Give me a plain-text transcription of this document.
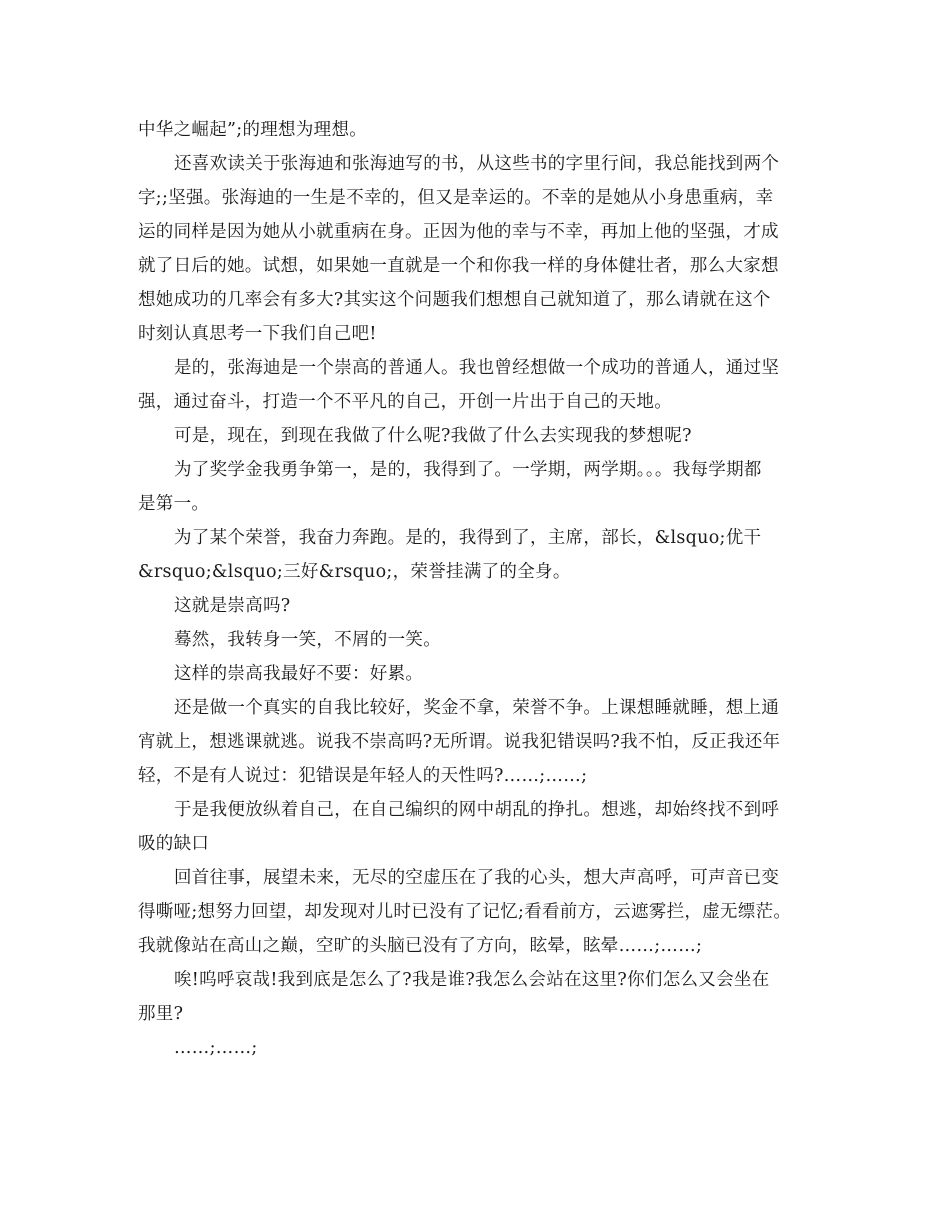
中华之崛起”;的理想为理想。
还喜欢读关于张海迪和张海迪写的书，从这些书的字里行间，我总能找到两个
字;;坚强。张海迪的一生是不幸的，但又是幸运的。不幸的是她从小身患重病，幸
运的同样是因为她从小就重病在身。正因为他的幸与不幸，再加上他的坚强，才成
就了日后的她。试想，如果她一直就是一个和你我一样的身体健壮者，那么大家想
想她成功的几率会有多大?其实这个问题我们想想自己就知道了，那么请就在这个
时刻认真思考一下我们自己吧!
是的，张海迪是一个崇高的普通人。我也曾经想做一个成功的普通人，通过坚
强，通过奋斗，打造一个不平凡的自己，开创一片出于自己的天地。
可是，现在，到现在我做了什么呢?我做了什么去实现我的梦想呢?
为了奖学金我勇争第一，是的，我得到了。一学期，两学期。。。我每学期都
是第一。
为了某个荣誉，我奋力奔跑。是的，我得到了，主席，部长，&lsquo;优干
&rsquo;&lsquo;三好&rsquo;，荣誉挂满了的全身。
这就是崇高吗?
蓦然，我转身一笑，不屑的一笑。
这样的崇高我最好不要：好累。
还是做一个真实的自我比较好，奖金不拿，荣誉不争。上课想睡就睡，想上通
宵就上，想逃课就逃。说我不崇高吗?无所谓。说我犯错误吗?我不怕，反正我还年
轻，不是有人说过：犯错误是年轻人的天性吗?……;……;
于是我便放纵着自己，在自己编织的网中胡乱的挣扎。想逃，却始终找不到呼
吸的缺口
回首往事，展望未来，无尽的空虚压在了我的心头，想大声高呼，可声音已变
得嘶哑;想努力回望，却发现对儿时已没有了记忆;看看前方，云遮雾拦，虚无缥茫。
我就像站在高山之巅，空旷的头脑已没有了方向，眩晕，眩晕……;……;
唉!呜呼哀哉!我到底是怎么了?我是谁?我怎么会站在这里?你们怎么又会坐在
那里?
……;……;
